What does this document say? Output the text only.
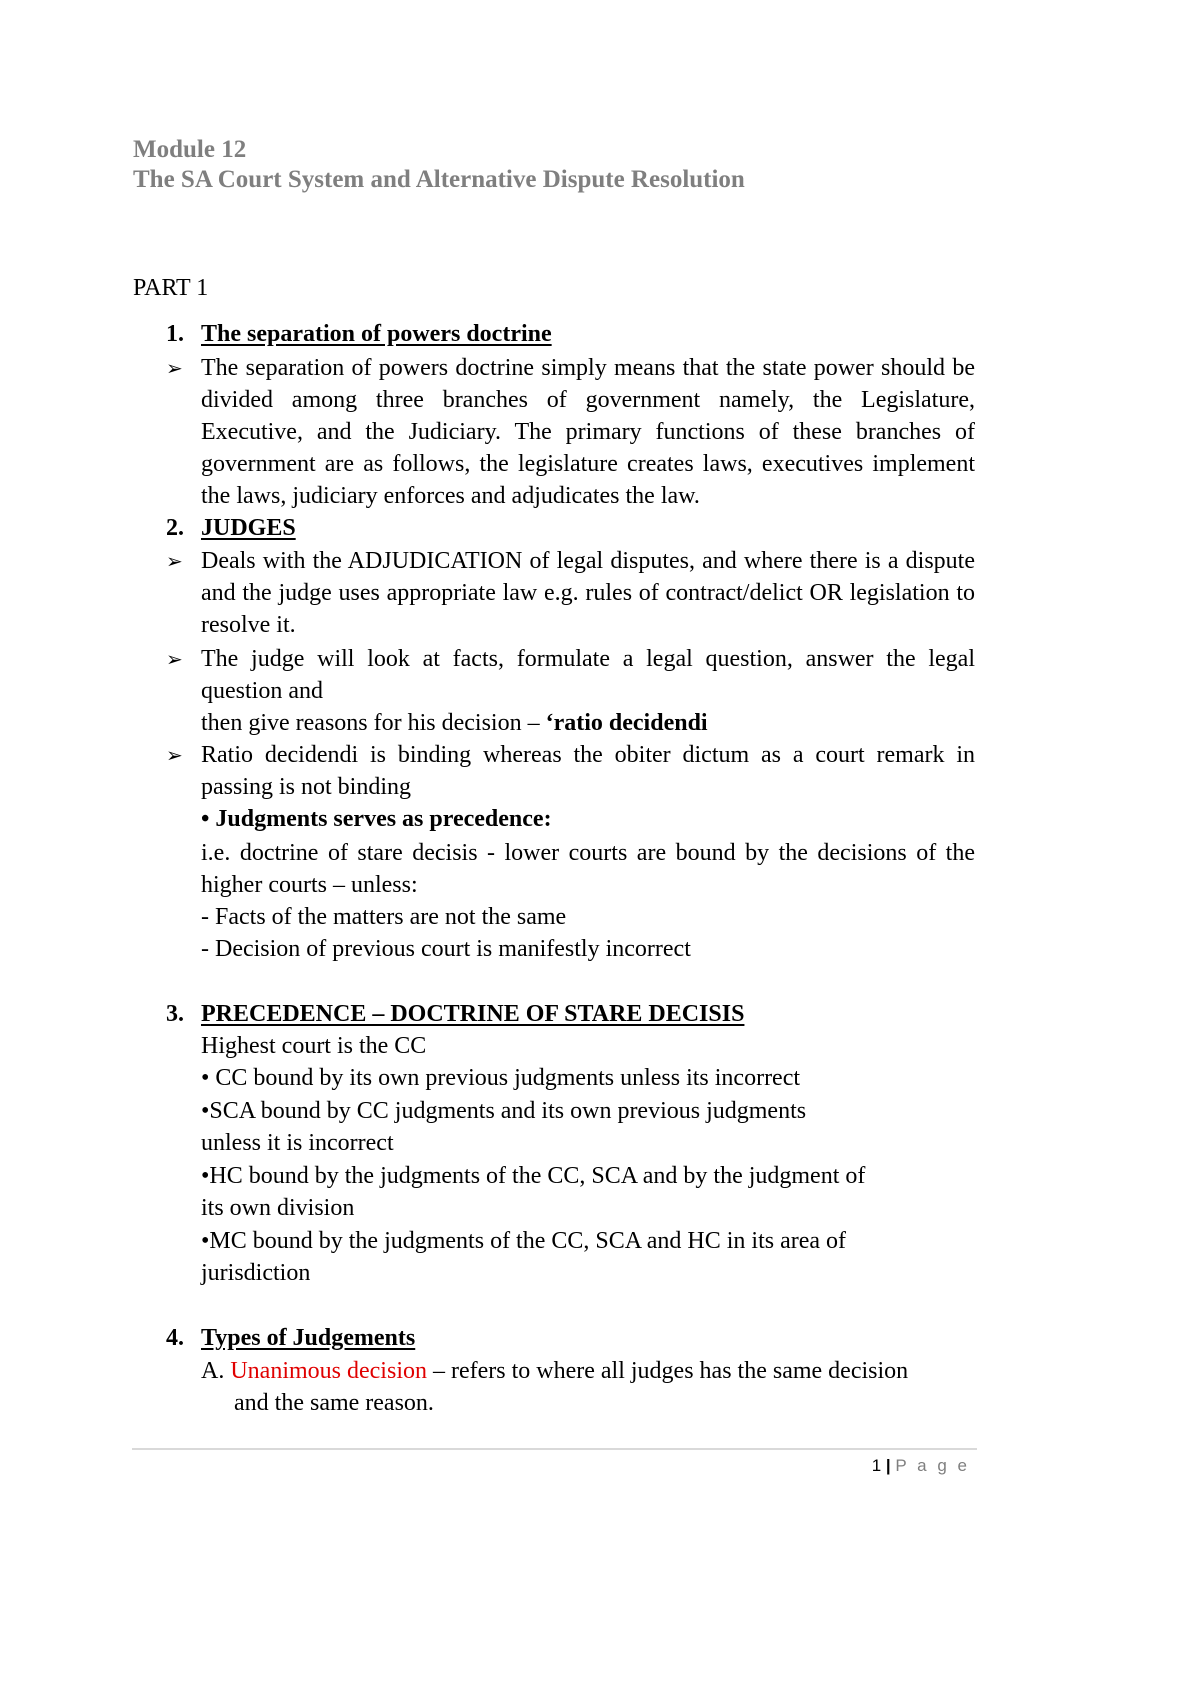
Module 12
The SA Court System and Alternative Dispute Resolution
PART 1
1. The separation of powers doctrine
➢ The separation of powers doctrine simply means that the state power should be divided among three branches of government namely, the Legislature, Executive, and the Judiciary. The primary functions of these branches of government are as follows, the legislature creates laws, executives implement the laws, judiciary enforces and adjudicates the law.
2. JUDGES
➢ Deals with the ADJUDICATION of legal disputes, and where there is a dispute and the judge uses appropriate law e.g. rules of contract/delict OR legislation to resolve it.
➢ The judge will look at facts, formulate a legal question, answer the legal question and
then give reasons for his decision – ‘ratio decidendi
➢ Ratio decidendi is binding whereas the obiter dictum as a court remark in passing is not binding
• Judgments serves as precedence:
i.e. doctrine of stare decisis - lower courts are bound by the decisions of the higher courts – unless:
- Facts of the matters are not the same
- Decision of previous court is manifestly incorrect
3. PRECEDENCE – DOCTRINE OF STARE DECISIS
Highest court is the CC
• CC bound by its own previous judgments unless its incorrect
•SCA bound by CC judgments and its own previous judgments
unless it is incorrect
•HC bound by the judgments of the CC, SCA and by the judgment of
its own division
•MC bound by the judgments of the CC, SCA and HC in its area of
jurisdiction
4. Types of Judgements
A. Unanimous decision – refers to where all judges has the same decision
and the same reason.
1 | P a g e
